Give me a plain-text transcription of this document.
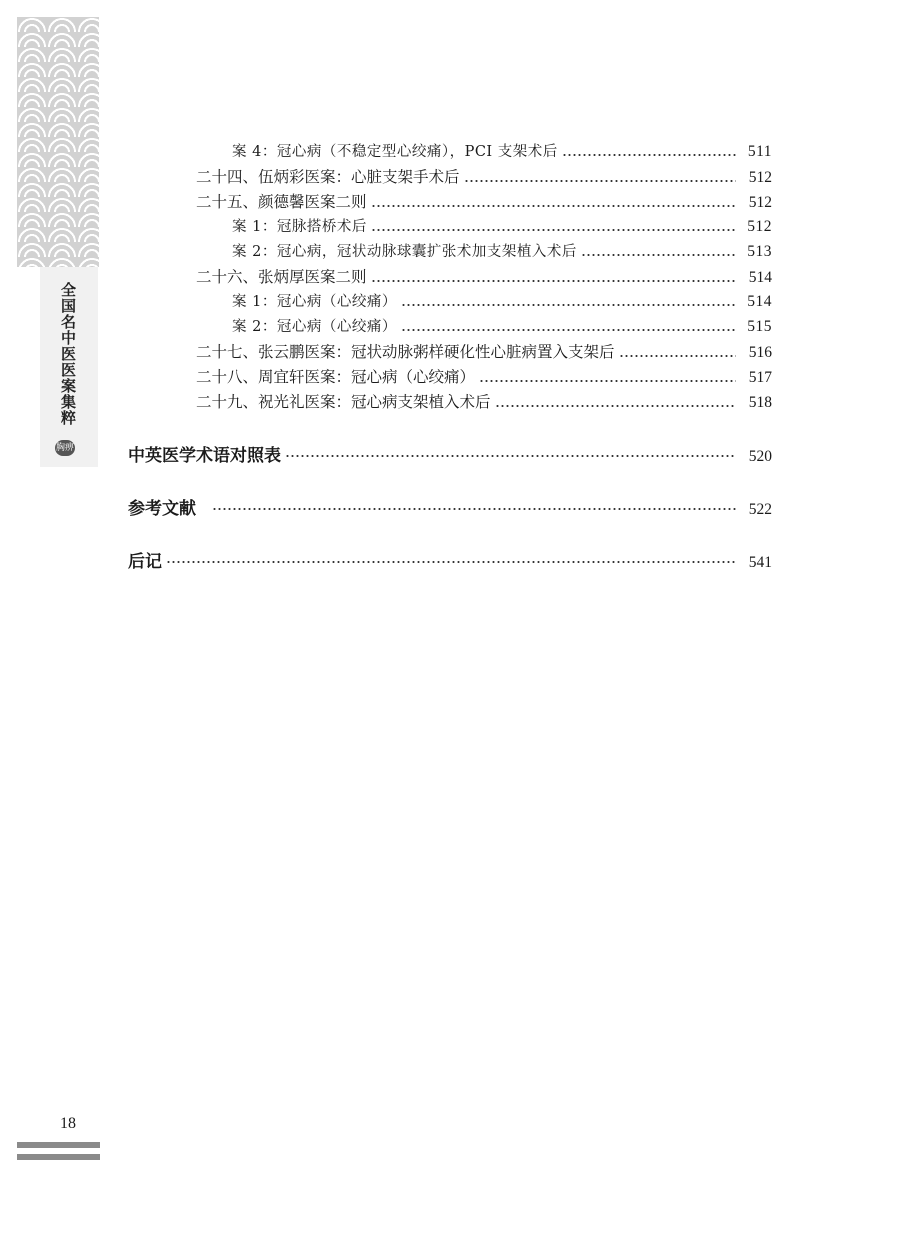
全国名中医医案集粹
胸痹
案 4：冠心病（不稳定型心绞痛），PCI 支架术后	511
二十四、伍炳彩医案：心脏支架手术后	512
二十五、颜德馨医案二则	512
案 1：冠脉搭桥术后	512
案 2：冠心病，冠状动脉球囊扩张术加支架植入术后	513
二十六、张炳厚医案二则	514
案 1：冠心病（心绞痛）	514
案 2：冠心病（心绞痛）	515
二十七、张云鹏医案：冠状动脉粥样硬化性心脏病置入支架后	516
二十八、周宜轩医案：冠心病（心绞痛）	517
二十九、祝光礼医案：冠心病支架植入术后	518
中英医学术语对照表	520
参考文献	522
后记	541
18
